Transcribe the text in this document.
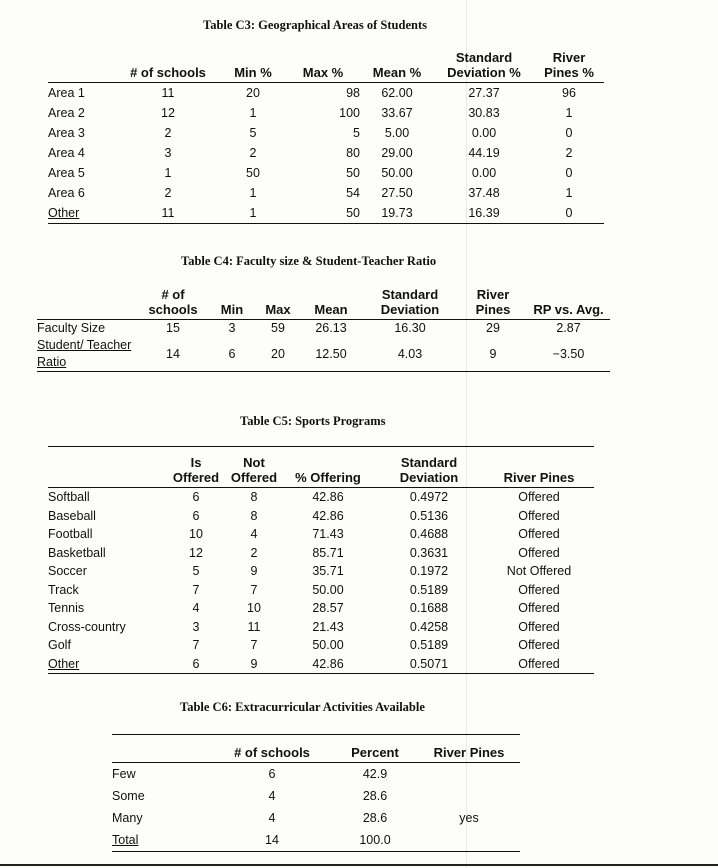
Table C3: Geographical Areas of Students
	# of schools	Min %	Max %	Mean %	Standard Deviation %	River Pines %
Area 1	11	20	98	62.00	27.37	96
Area 2	12	1	100	33.67	30.83	1
Area 3	2	5	5	5.00	0.00	0
Area 4	3	2	80	29.00	44.19	2
Area 5	1	50	50	50.00	0.00	0
Area 6	2	1	54	27.50	37.48	1
Other	11	1	50	19.73	16.39	0
Table C4: Faculty size & Student-Teacher Ratio
	# of schools	Min	Max	Mean	Standard Deviation	River Pines	RP vs. Avg.
Faculty Size	15	3	59	26.13	16.30	29	2.87
Student/ Teacher Ratio	14	6	20	12.50	4.03	9	−3.50
Table C5: Sports Programs
	Is Offered	Not Offered	% Offering	Standard Deviation	River Pines
Softball	6	8	42.86	0.4972	Offered
Baseball	6	8	42.86	0.5136	Offered
Football	10	4	71.43	0.4688	Offered
Basketball	12	2	85.71	0.3631	Offered
Soccer	5	9	35.71	0.1972	Not Offered
Track	7	7	50.00	0.5189	Offered
Tennis	4	10	28.57	0.1688	Offered
Cross-country	3	11	21.43	0.4258	Offered
Golf	7	7	50.00	0.5189	Offered
Other	6	9	42.86	0.5071	Offered
Table C6: Extracurricular Activities Available
	# of schools	Percent	River Pines
Few	6	42.9	
Some	4	28.6	
Many	4	28.6	yes
Total	14	100.0	
